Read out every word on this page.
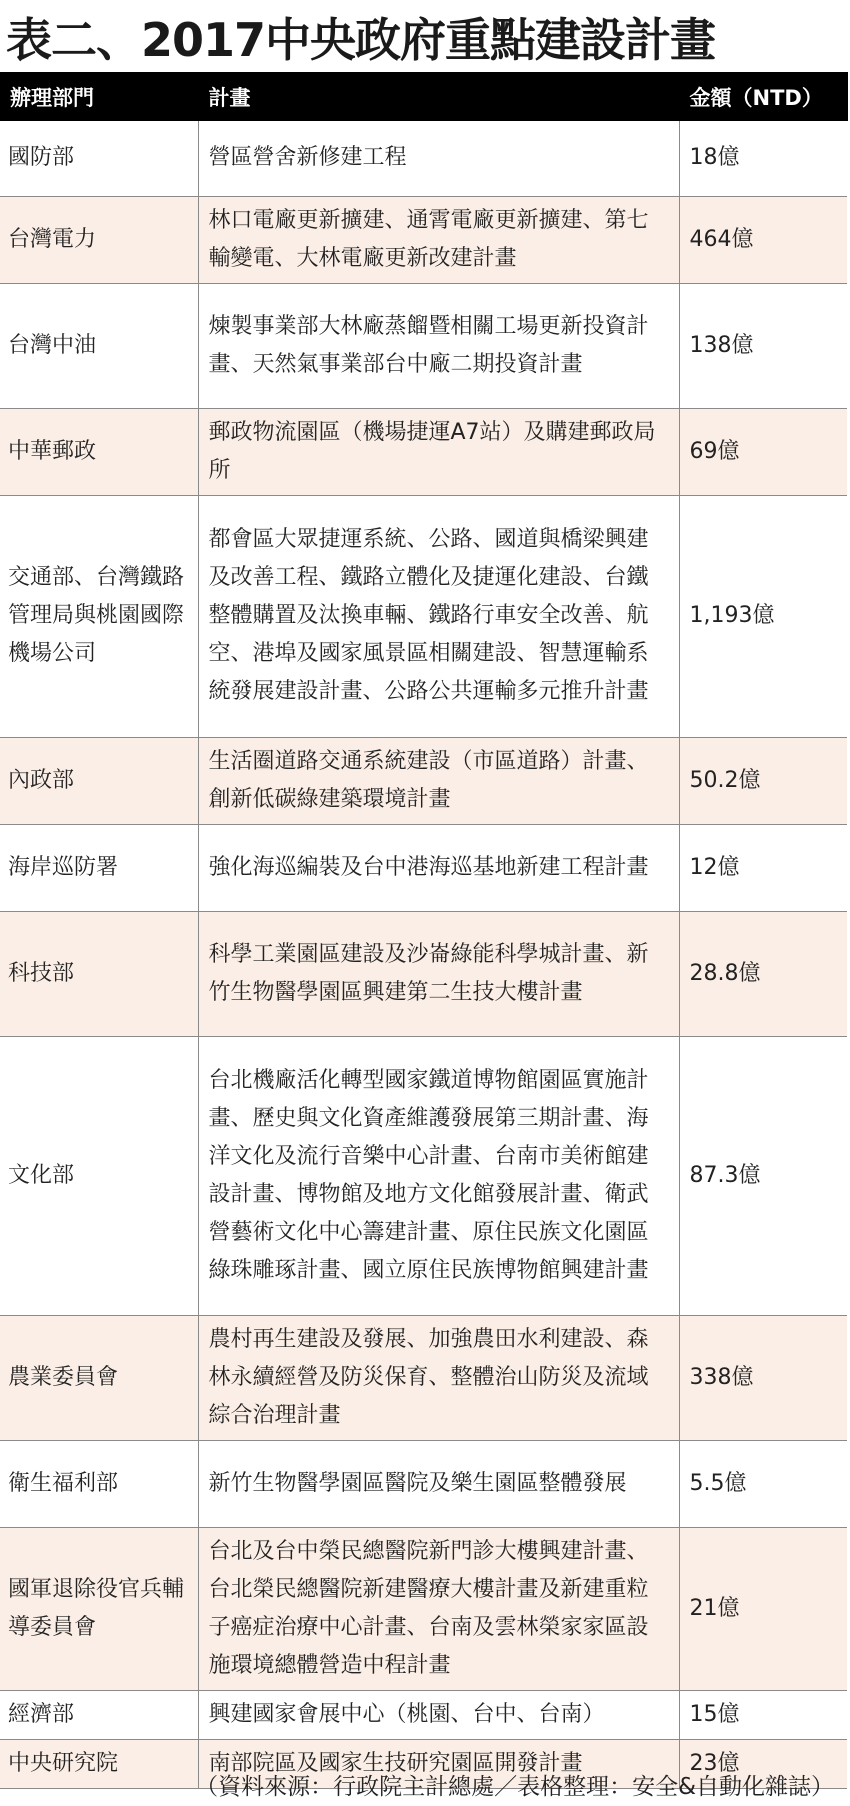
表二、2017中央政府重點建設計畫
辦理部門	計畫	金額（NTD）
國防部	營區營舍新修建工程	18億
台灣電力	林口電廠更新擴建、通霄電廠更新擴建、第七輸變電、大林電廠更新改建計畫	464億
台灣中油	煉製事業部大林廠蒸餾暨相關工場更新投資計畫、天然氣事業部台中廠二期投資計畫	138億
中華郵政	郵政物流園區（機場捷運A7站）及購建郵政局所	69億
交通部、台灣鐵路管理局與桃園國際機場公司	都會區大眾捷運系統、公路、國道與橋梁興建及改善工程、鐵路立體化及捷運化建設、台鐵整體購置及汰換車輛、鐵路行車安全改善、航空、港埠及國家風景區相關建設、智慧運輸系統發展建設計畫、公路公共運輸多元推升計畫	1,193億
內政部	生活圈道路交通系統建設（市區道路）計畫、創新低碳綠建築環境計畫	50.2億
海岸巡防署	強化海巡編裝及台中港海巡基地新建工程計畫	12億
科技部	科學工業園區建設及沙崙綠能科學城計畫、新竹生物醫學園區興建第二生技大樓計畫	28.8億
文化部	台北機廠活化轉型國家鐵道博物館園區實施計畫、歷史與文化資產維護發展第三期計畫、海洋文化及流行音樂中心計畫、台南市美術館建設計畫、博物館及地方文化館發展計畫、衛武營藝術文化中心籌建計畫、原住民族文化園區綠珠雕琢計畫、國立原住民族博物館興建計畫	87.3億
農業委員會	農村再生建設及發展、加強農田水利建設、森林永續經營及防災保育、整體治山防災及流域綜合治理計畫	338億
衛生福利部	新竹生物醫學園區醫院及樂生園區整體發展	5.5億
國軍退除役官兵輔導委員會	台北及台中榮民總醫院新門診大樓興建計畫、台北榮民總醫院新建醫療大樓計畫及新建重粒子癌症治療中心計畫、台南及雲林榮家家區設施環境總體營造中程計畫	21億
經濟部	興建國家會展中心（桃園、台中、台南）	15億
中央研究院	南部院區及國家生技研究園區開發計畫	23億
（資料來源：行政院主計總處／表格整理：安全&自動化雜誌）
